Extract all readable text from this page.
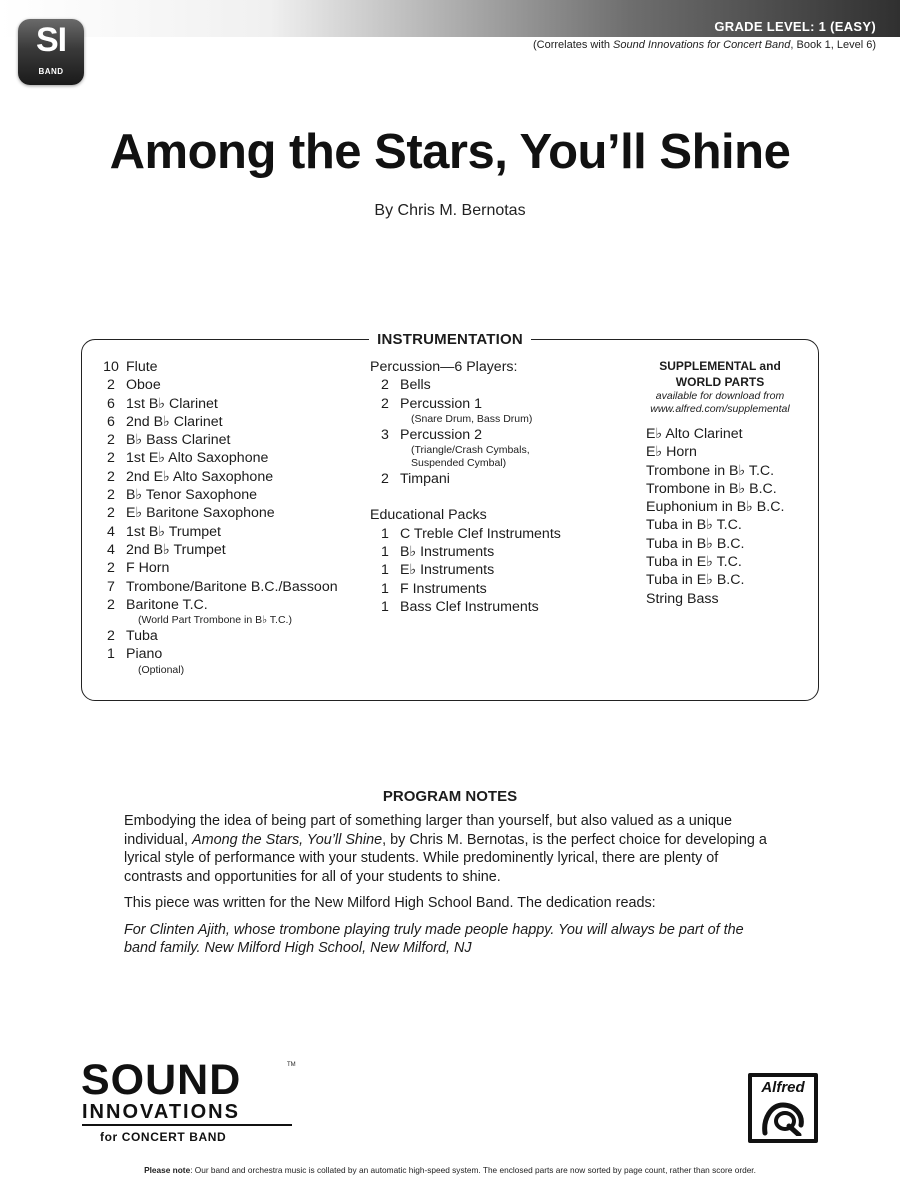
GRADE LEVEL: 1 (EASY)
(Correlates with Sound Innovations for Concert Band, Book 1, Level 6)
SI
BAND
Among the Stars, You’ll Shine
By Chris M. Bernotas
INSTRUMENTATION
10 Flute
2 Oboe
6 1st B♭ Clarinet
6 2nd B♭ Clarinet
2 B♭ Bass Clarinet
2 1st E♭ Alto Saxophone
2 2nd E♭ Alto Saxophone
2 B♭ Tenor Saxophone
2 E♭ Baritone Saxophone
4 1st B♭ Trumpet
4 2nd B♭ Trumpet
2 F Horn
7 Trombone/Baritone B.C./Bassoon
2 Baritone T.C.
(World Part Trombone in B♭ T.C.)
2 Tuba
1 Piano
(Optional)
Percussion—6 Players:
2 Bells
2 Percussion 1
(Snare Drum, Bass Drum)
3 Percussion 2
(Triangle/Crash Cymbals,
Suspended Cymbal)
2 Timpani
Educational Packs
1 C Treble Clef Instruments
1 B♭ Instruments
1 E♭ Instruments
1 F Instruments
1 Bass Clef Instruments
SUPPLEMENTAL and
WORLD PARTS
available for download from
www.alfred.com/supplemental
E♭ Alto Clarinet
E♭ Horn
Trombone in B♭ T.C.
Trombone in B♭ B.C.
Euphonium in B♭ B.C.
Tuba in B♭ T.C.
Tuba in B♭ B.C.
Tuba in E♭ T.C.
Tuba in E♭ B.C.
String Bass
PROGRAM NOTES

Embodying the idea of being part of something larger than yourself, but also valued as a unique individual, Among the Stars, You’ll Shine, by Chris M. Bernotas, is the perfect choice for developing a lyrical style of performance with your students. While predominently lyrical, there are plenty of contrasts and opportunities for all of your students to shine.

This piece was written for the New Milford High School Band. The dedication reads:

For Clinten Ajith, whose trombone playing truly made people happy. You will always be part of the band family. New Milford High School, New Milford, NJ

SOUND	TM
INNOVATIONS
for CONCERT BAND
Alfred
Please note: Our band and orchestra music is collated by an automatic high-speed system. The enclosed parts are now sorted by page count, rather than score order.
